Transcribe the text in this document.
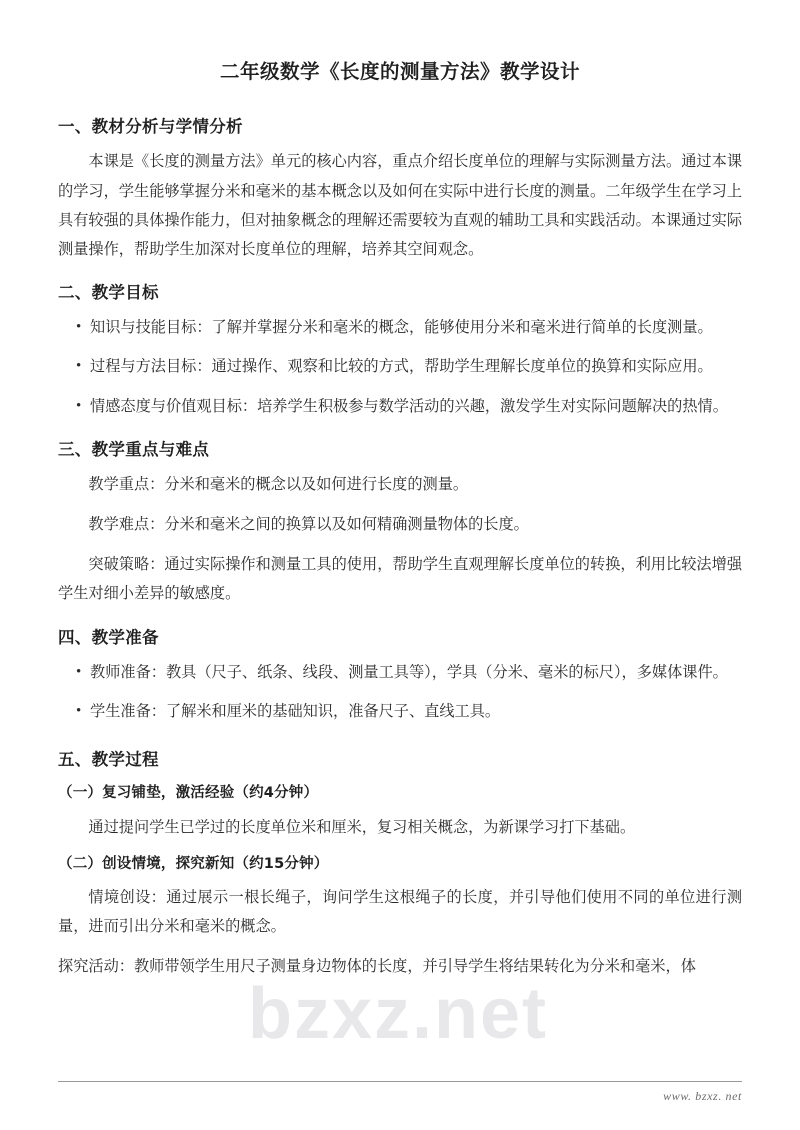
bzxz.net
二年级数学《长度的测量方法》教学设计
一、教材分析与学情分析

本课是《长度的测量方法》单元的核心内容，重点介绍长度单位的理解与实际测量方法。通过本课的学习，学生能够掌握分米和毫米的基本概念以及如何在实际中进行长度的测量。二年级学生在学习上具有较强的具体操作能力，但对抽象概念的理解还需要较为直观的辅助工具和实践活动。本课通过实际测量操作，帮助学生加深对长度单位的理解，培养其空间观念。

二、教学目标
• 知识与技能目标：了解并掌握分米和毫米的概念，能够使用分米和毫米进行简单的长度测量。
• 过程与方法目标：通过操作、观察和比较的方式，帮助学生理解长度单位的换算和实际应用。
• 情感态度与价值观目标：培养学生积极参与数学活动的兴趣，激发学生对实际问题解决的热情。
三、教学重点与难点

教学重点：分米和毫米的概念以及如何进行长度的测量。

教学难点：分米和毫米之间的换算以及如何精确测量物体的长度。

突破策略：通过实际操作和测量工具的使用，帮助学生直观理解长度单位的转换，利用比较法增强学生对细小差异的敏感度。

四、教学准备
• 教师准备：教具（尺子、纸条、线段、测量工具等），学具（分米、毫米的标尺），多媒体课件。
• 学生准备：了解米和厘米的基础知识，准备尺子、直线工具。
五、教学过程
（一）复习铺垫，激活经验（约4分钟）

通过提问学生已学过的长度单位米和厘米，复习相关概念，为新课学习打下基础。

（二）创设情境，探究新知（约15分钟）

情境创设：通过展示一根长绳子，询问学生这根绳子的长度，并引导他们使用不同的单位进行测量，进而引出分米和毫米的概念。

探究活动：教师带领学生用尺子测量身边物体的长度，并引导学生将结果转化为分米和毫米，体

www. bzxz. net
